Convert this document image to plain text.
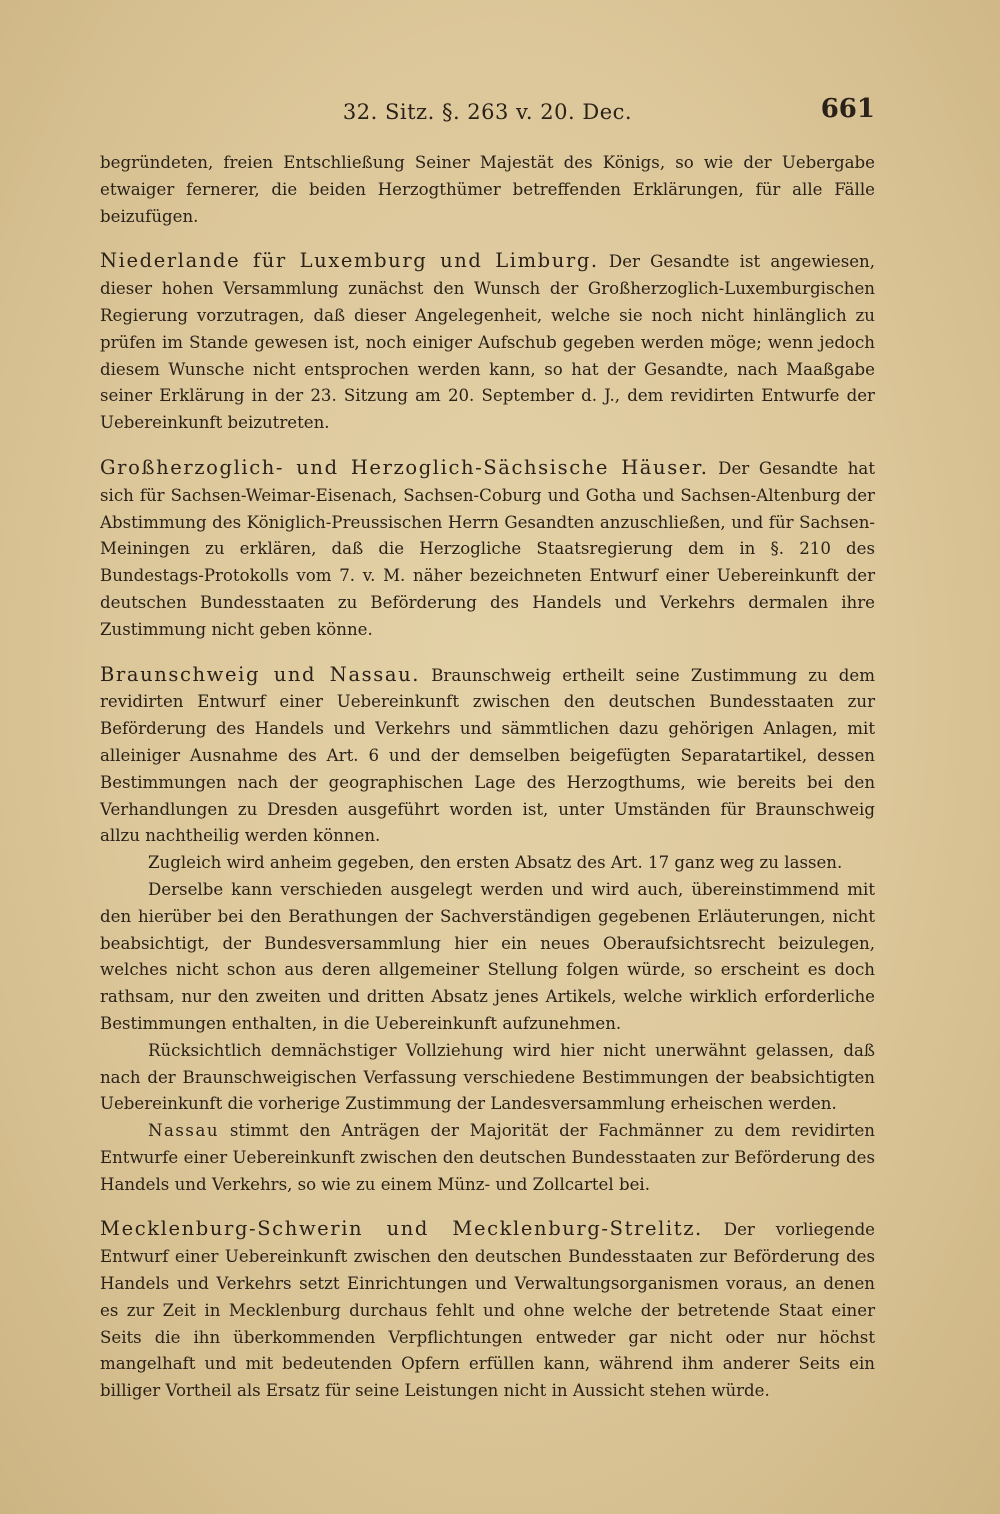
32. Sitz. §. 263 v. 20. Dec.	661

begründeten, freien Entschließung Seiner Majestät des Königs, so wie der Uebergabe etwaiger fernerer, die beiden Herzogthümer betreffenden Erklärungen, für alle Fälle beizufügen.

Niederlande für Luxemburg und Limburg. Der Gesandte ist angewiesen, dieser hohen Versammlung zunächst den Wunsch der Großherzoglich-Luxemburgischen Regierung vorzutragen, daß dieser Angelegenheit, welche sie noch nicht hinlänglich zu prüfen im Stande gewesen ist, noch einiger Aufschub gegeben werden möge; wenn jedoch diesem Wunsche nicht entsprochen werden kann, so hat der Gesandte, nach Maaßgabe seiner Erklärung in der 23. Sitzung am 20. September d. J., dem revidirten Entwurfe der Uebereinkunft beizutreten.

Großherzoglich- und Herzoglich-Sächsische Häuser. Der Gesandte hat sich für Sachsen-Weimar-Eisenach, Sachsen-Coburg und Gotha und Sachsen-Altenburg der Abstimmung des Königlich-Preussischen Herrn Gesandten anzuschließen, und für Sachsen-Meiningen zu erklären, daß die Herzogliche Staatsregierung dem in §. 210 des Bundestags-Protokolls vom 7. v. M. näher bezeichneten Entwurf einer Uebereinkunft der deutschen Bundesstaaten zu Beförderung des Handels und Verkehrs dermalen ihre Zustimmung nicht geben könne.

Braunschweig und Nassau. Braunschweig ertheilt seine Zustimmung zu dem revidirten Entwurf einer Uebereinkunft zwischen den deutschen Bundesstaaten zur Beförderung des Handels und Verkehrs und sämmtlichen dazu gehörigen Anlagen, mit alleiniger Ausnahme des Art. 6 und der demselben beigefügten Separatartikel, dessen Bestimmungen nach der geographischen Lage des Herzogthums, wie bereits bei den Verhandlungen zu Dresden ausgeführt worden ist, unter Umständen für Braunschweig allzu nachtheilig werden können.

Zugleich wird anheim gegeben, den ersten Absatz des Art. 17 ganz weg zu lassen.

Derselbe kann verschieden ausgelegt werden und wird auch, übereinstimmend mit den hierüber bei den Berathungen der Sachverständigen gegebenen Erläuterungen, nicht beabsichtigt, der Bundesversammlung hier ein neues Oberaufsichtsrecht beizulegen, welches nicht schon aus deren allgemeiner Stellung folgen würde, so erscheint es doch rathsam, nur den zweiten und dritten Absatz jenes Artikels, welche wirklich erforderliche Bestimmungen enthalten, in die Uebereinkunft aufzunehmen.

Rücksichtlich demnächstiger Vollziehung wird hier nicht unerwähnt gelassen, daß nach der Braunschweigischen Verfassung verschiedene Bestimmungen der beabsichtigten Uebereinkunft die vorherige Zustimmung der Landesversammlung erheischen werden.

Nassau stimmt den Anträgen der Majorität der Fachmänner zu dem revidirten Entwurfe einer Uebereinkunft zwischen den deutschen Bundesstaaten zur Beförderung des Handels und Verkehrs, so wie zu einem Münz- und Zollcartel bei.

Mecklenburg-Schwerin und Mecklenburg-Strelitz. Der vorliegende Entwurf einer Uebereinkunft zwischen den deutschen Bundesstaaten zur Beförderung des Handels und Verkehrs setzt Einrichtungen und Verwaltungsorganismen voraus, an denen es zur Zeit in Mecklenburg durchaus fehlt und ohne welche der betretende Staat einer Seits die ihn überkommenden Verpflichtungen entweder gar nicht oder nur höchst mangelhaft und mit bedeutenden Opfern erfüllen kann, während ihm anderer Seits ein billiger Vortheil als Ersatz für seine Leistungen nicht in Aussicht stehen würde.
